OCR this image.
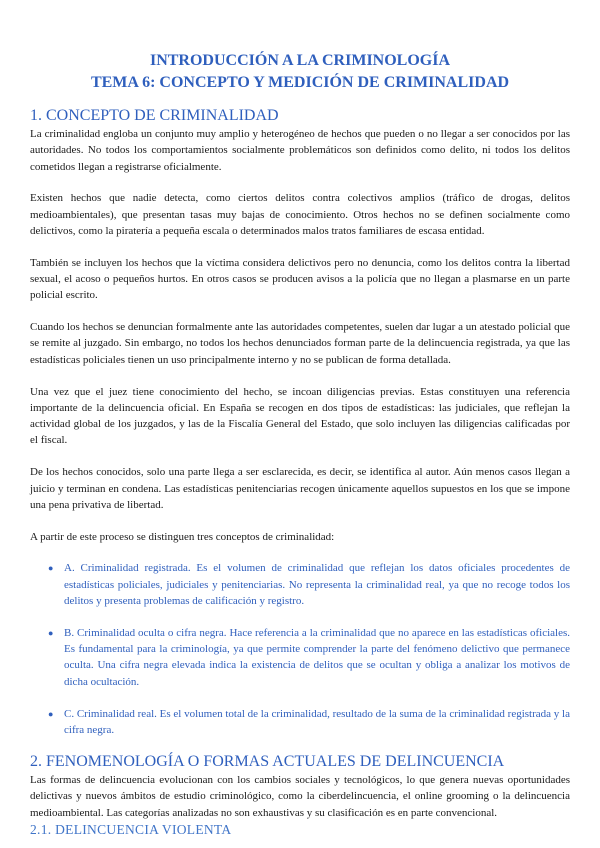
INTRODUCCIÓN A LA CRIMINOLOGÍA
TEMA 6: CONCEPTO Y MEDICIÓN DE CRIMINALIDAD
1. CONCEPTO DE CRIMINALIDAD

La criminalidad engloba un conjunto muy amplio y heterogéneo de hechos que pueden o no llegar a ser conocidos por las autoridades. No todos los comportamientos socialmente problemáticos son definidos como delito, ni todos los delitos cometidos llegan a registrarse oficialmente.

Existen hechos que nadie detecta, como ciertos delitos contra colectivos amplios (tráfico de drogas, delitos medioambientales), que presentan tasas muy bajas de conocimiento. Otros hechos no se definen socialmente como delictivos, como la piratería a pequeña escala o determinados malos tratos familiares de escasa entidad.

También se incluyen los hechos que la víctima considera delictivos pero no denuncia, como los delitos contra la libertad sexual, el acoso o pequeños hurtos. En otros casos se producen avisos a la policía que no llegan a plasmarse en un parte policial escrito.

Cuando los hechos se denuncian formalmente ante las autoridades competentes, suelen dar lugar a un atestado policial que se remite al juzgado. Sin embargo, no todos los hechos denunciados forman parte de la delincuencia registrada, ya que las estadísticas policiales tienen un uso principalmente interno y no se publican de forma detallada.

Una vez que el juez tiene conocimiento del hecho, se incoan diligencias previas. Estas constituyen una referencia importante de la delincuencia oficial. En España se recogen en dos tipos de estadísticas: las judiciales, que reflejan la actividad global de los juzgados, y las de la Fiscalía General del Estado, que solo incluyen las diligencias calificadas por el fiscal.

De los hechos conocidos, solo una parte llega a ser esclarecida, es decir, se identifica al autor. Aún menos casos llegan a juicio y terminan en condena. Las estadísticas penitenciarias recogen únicamente aquellos supuestos en los que se impone una pena privativa de libertad.

A partir de este proceso se distinguen tres conceptos de criminalidad:

● A. Criminalidad registrada. Es el volumen de criminalidad que reflejan los datos oficiales procedentes de estadísticas policiales, judiciales y penitenciarias. No representa la criminalidad real, ya que no recoge todos los delitos y presenta problemas de calificación y registro.
● B. Criminalidad oculta o cifra negra. Hace referencia a la criminalidad que no aparece en las estadísticas oficiales. Es fundamental para la criminología, ya que permite comprender la parte del fenómeno delictivo que permanece oculta. Una cifra negra elevada indica la existencia de delitos que se ocultan y obliga a analizar los motivos de dicha ocultación.
● C. Criminalidad real. Es el volumen total de la criminalidad, resultado de la suma de la criminalidad registrada y la cifra negra.
2. FENOMENOLOGÍA O FORMAS ACTUALES DE DELINCUENCIA

Las formas de delincuencia evolucionan con los cambios sociales y tecnológicos, lo que genera nuevas oportunidades delictivas y nuevos ámbitos de estudio criminológico, como la ciberdelincuencia, el online grooming o la delincuencia medioambiental. Las categorías analizadas no son exhaustivas y su clasificación es en parte convencional.

2.1. DELINCUENCIA VIOLENTA
